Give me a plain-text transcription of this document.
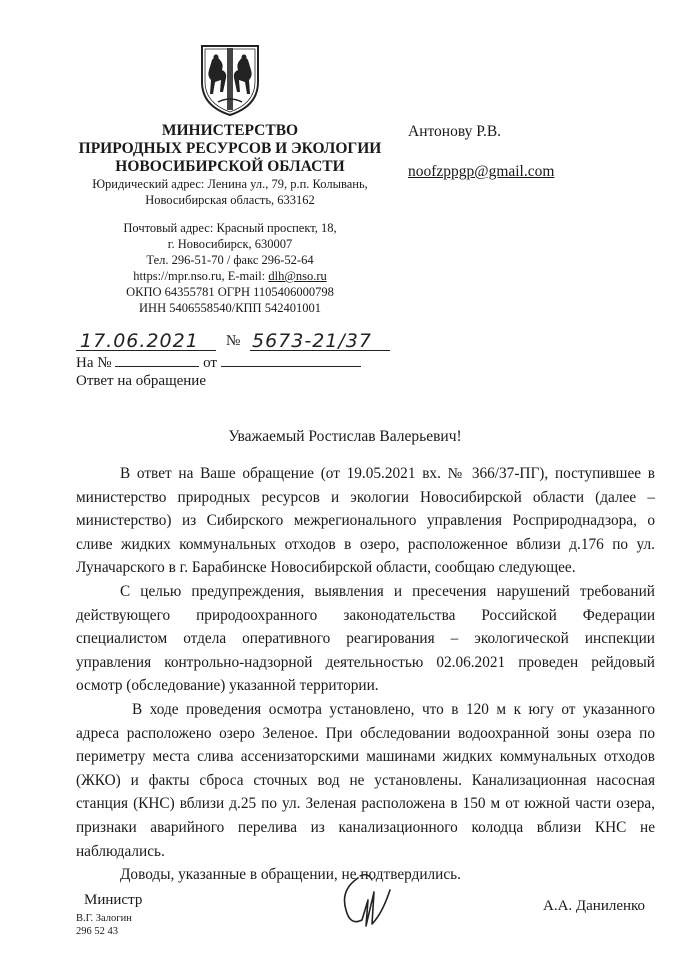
МИНИСТЕРСТВО
ПРИРОДНЫХ РЕСУРСОВ И ЭКОЛОГИИ
НОВОСИБИРСКОЙ ОБЛАСТИ
Юридический адрес: Ленина ул., 79, р.п. Колывань,
Новосибирская область, 633162
Почтовый адрес: Красный проспект, 18,
г. Новосибирск, 630007
Тел. 296-51-70 / факс 296-52-64
https://mpr.nso.ru, E-mail: dlh@nso.ru
ОКПО 64355781 ОГРН 1105406000798
ИНН 5406558540/КПП 542401001
Антонову Р.В.
noofzppgp@gmail.com
17.06.2021 № 5673-21/37
На №	от
Ответ на обращение
Уважаемый Ростислав Валерьевич!

В ответ на Ваше обращение (от 19.05.2021 вх. № 366/37-ПГ), поступившее в министерство природных ресурсов и экологии Новосибирской области (далее – министерство) из Сибирского межрегионального управления Росприроднадзора, о сливе жидких коммунальных отходов в озеро, расположенное вблизи д.176 по ул. Луначарского в г. Барабинске Новосибирской области, сообщаю следующее.

С целью предупреждения, выявления и пресечения нарушений требований действующего природоохранного законодательства Российской Федерации специалистом отдела оперативного реагирования – экологической инспекции управления контрольно-надзорной деятельностью 02.06.2021 проведен рейдовый осмотр (обследование) указанной территории.

В ходе проведения осмотра установлено, что в 120 м к югу от указанного адреса расположено озеро Зеленое. При обследовании водоохранной зоны озера по периметру места слива ассенизаторскими машинами жидких коммунальных отходов (ЖКО) и факты сброса сточных вод не установлены. Канализационная насосная станция (КНС) вблизи д.25 по ул. Зеленая расположена в 150 м от южной части озера, признаки аварийного перелива из канализационного колодца вблизи КНС не наблюдались.

Доводы, указанные в обращении, не подтвердились.

Министр
В.Г. Залогин
296 52 43
А.А. Даниленко
